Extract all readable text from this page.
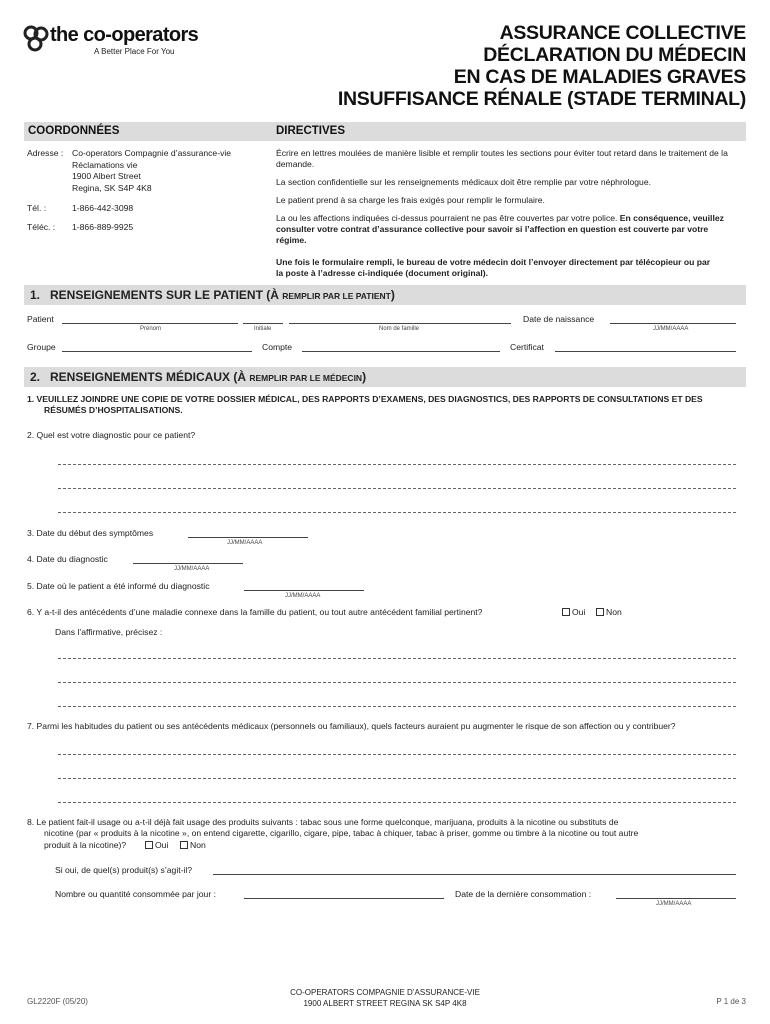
the co-operators
A Better Place For You
ASSURANCE COLLECTIVE
DÉCLARATION DU MÉDECIN
EN CAS DE MALADIES GRAVES
INSUFFISANCE RÉNALE (STADE TERMINAL)
COORDONNÉES	DIRECTIVES
Adresse : Co-operators Compagnie d’assurance-vie
Réclamations vie
1900 Albert Street
Regina, SK S4P 4K8
Tél. :	1-866-442-3098
Téléc. : 1-866-889-9925
Écrire en lettres moulées de manière lisible et remplir toutes les sections pour éviter tout retard dans le traitement de la demande.
La section confidentielle sur les renseignements médicaux doit être remplie par votre néphrologue.
Le patient prend à sa charge les frais exigés pour remplir le formulaire.
La ou les affections indiquées ci-dessus pourraient ne pas être couvertes par votre police. En conséquence, veuillez consulter votre contrat d’assurance collective pour savoir si l’affection en question est couverte par votre régime.
Une fois le formulaire rempli, le bureau de votre médecin doit l’envoyer directement par télécopieur ou par la poste à l’adresse ci-indiquée (document original).
1. RENSEIGNEMENTS SUR LE PATIENT (À REMPLIR PAR LE PATIENT)
Patient
Prénom	Initiale	Nom de famille
Date de naissance
JJ/MM/AAAA
Groupe	Compte	Certificat
2. RENSEIGNEMENTS MÉDICAUX (À REMPLIR PAR LE MÉDECIN)
1. VEUILLEZ JOINDRE UNE COPIE DE VOTRE DOSSIER MÉDICAL, DES RAPPORTS D’EXAMENS, DES DIAGNOSTICS, DES RAPPORTS DE CONSULTATIONS ET DES RÉSUMÉS D’HOSPITALISATIONS.
2. Quel est votre diagnostic pour ce patient?
3. Date du début des symptômes
JJ/MM/AAAA
4. Date du diagnostic
JJ/MM/AAAA
5. Date où le patient a été informé du diagnostic
JJ/MM/AAAA
6. Y a-t-il des antécédents d’une maladie connexe dans la famille du patient, ou tout autre antécédent familial pertinent?	Oui	Non
Dans l’affirmative, précisez :
7. Parmi les habitudes du patient ou ses antécédents médicaux (personnels ou familiaux), quels facteurs auraient pu augmenter le risque de son affection ou y contribuer?
8. Le patient fait-il usage ou a-t-il déjà fait usage des produits suivants : tabac sous une forme quelconque, marijuana, produits à la nicotine ou substituts de
nicotine (par « produits à la nicotine », on entend cigarette, cigarillo, cigare, pipe, tabac à chiquer, tabac à priser, gomme ou timbre à la nicotine ou tout autre
produit à la nicotine)?	Oui	Non
Si oui, de quel(s) produit(s) s’agit-il?
Nombre ou quantité consommée par jour :	Date de la dernière consommation :
JJ/MM/AAAA
GL2220F (05/20)
CO-OPERATORS COMPAGNIE D’ASSURANCE-VIE
1900 ALBERT STREET REGINA SK S4P 4K8	P 1 de 3
